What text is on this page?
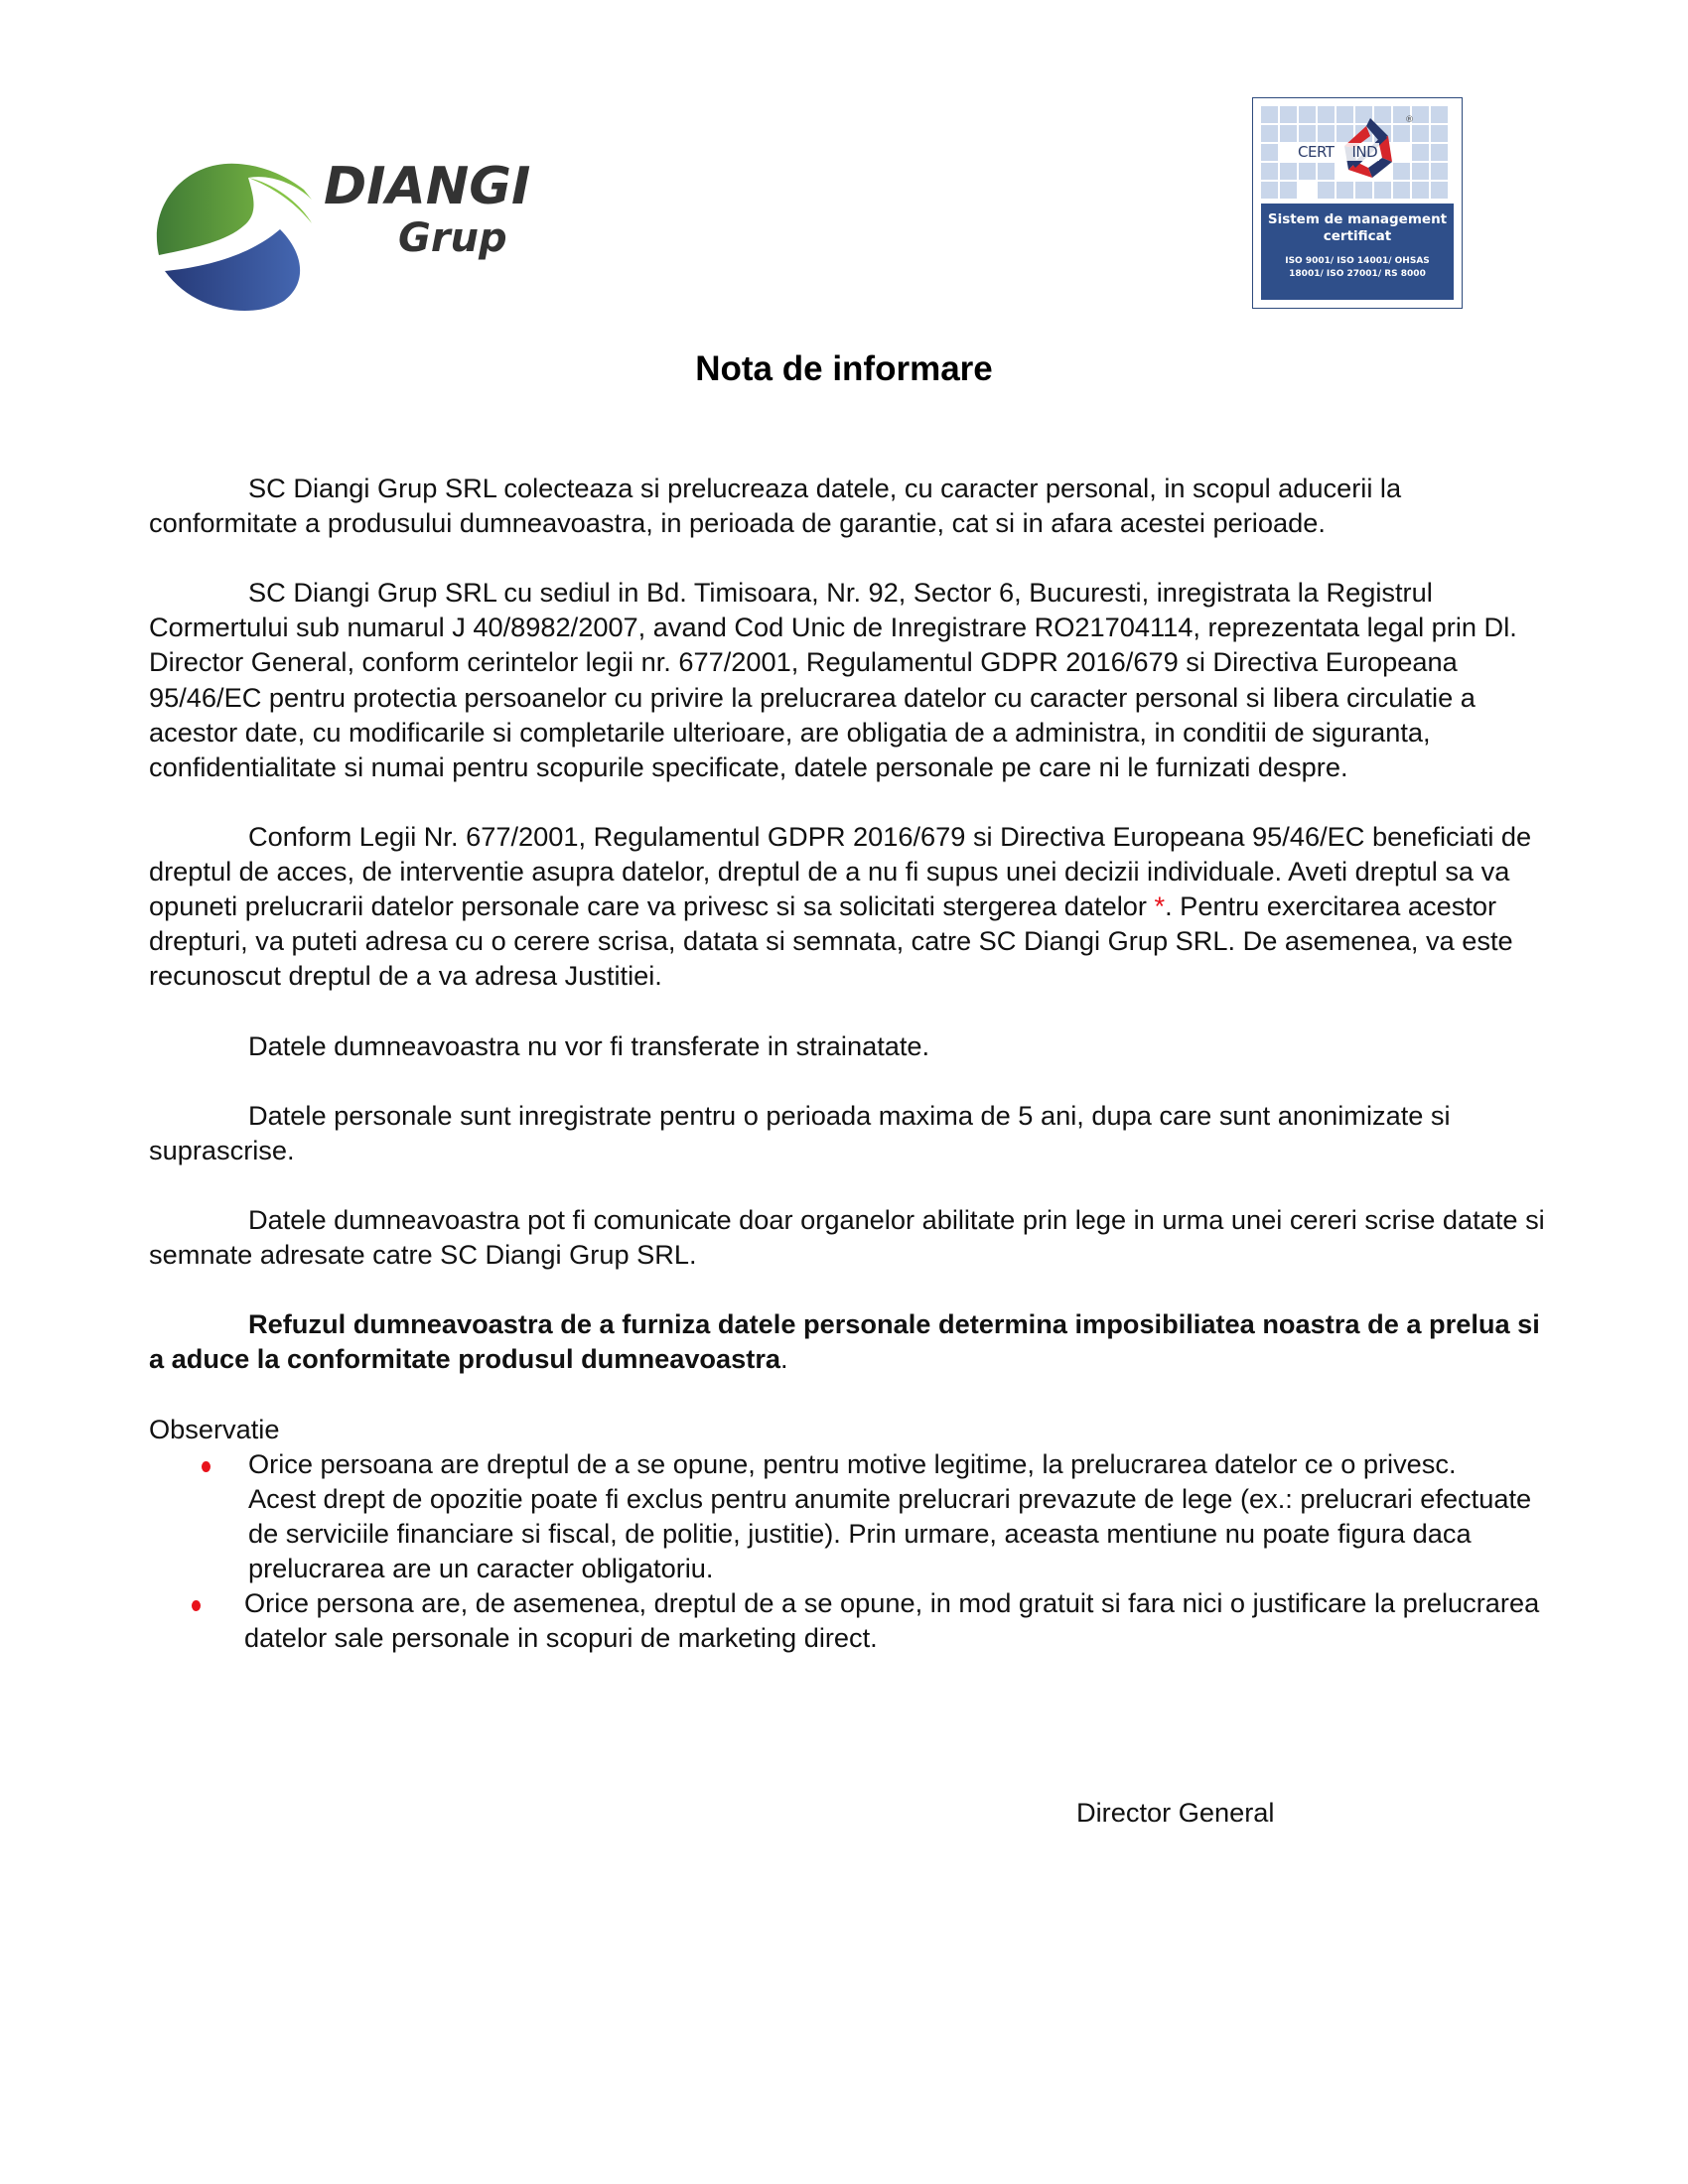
DIANGI
Grup
®
CERT IND
Sistem de management certificat
ISO 9001/ ISO 14001/ OHSAS
18001/ ISO 27001/ RS 8000
Nota de informare

SC Diangi Grup SRL colecteaza si prelucreaza datele, cu caracter personal, in scopul aducerii la conformitate a produsului dumneavoastra, in perioada de garantie, cat si in afara acestei perioade.

SC Diangi Grup SRL cu sediul in Bd. Timisoara, Nr. 92, Sector 6, Bucuresti, inregistrata la Registrul Cormertului sub numarul J 40/8982/2007, avand Cod Unic de Inregistrare RO21704114, reprezentata legal prin Dl. Director General, conform cerintelor legii nr. 677/2001, Regulamentul GDPR 2016/679 si Directiva Europeana 95/46/EC pentru protectia persoanelor cu privire la prelucrarea datelor cu caracter personal si libera circulatie a acestor date, cu modificarile si completarile ulterioare, are obligatia de a administra, in conditii de siguranta, confidentialitate si numai pentru scopurile specificate, datele personale pe care ni le furnizati despre.

Conform Legii Nr. 677/2001, Regulamentul GDPR 2016/679 si Directiva Europeana 95/46/EC beneficiati de dreptul de acces, de interventie asupra datelor, dreptul de a nu fi supus unei decizii individuale. Aveti dreptul sa va opuneti prelucrarii datelor personale care va privesc si sa solicitati stergerea datelor *. Pentru exercitarea acestor drepturi, va puteti adresa cu o cerere scrisa, datata si semnata, catre SC Diangi Grup SRL. De asemenea, va este recunoscut dreptul de a va adresa Justitiei.

Datele dumneavoastra nu vor fi transferate in strainatate.

Datele personale sunt inregistrate pentru o perioada maxima de 5 ani, dupa care sunt anonimizate si suprascrise.

Datele dumneavoastra pot fi comunicate doar organelor abilitate prin lege in urma unei cereri scrise datate si semnate adresate catre SC Diangi Grup SRL.

Refuzul dumneavoastra de a furniza datele personale determina imposibiliatea noastra de a prelua si a aduce la conformitate produsul dumneavoastra.

Observatie

Orice persoana are dreptul de a se opune, pentru motive legitime, la prelucrarea datelor ce o privesc.
Acest drept de opozitie poate fi exclus pentru anumite prelucrari prevazute de lege (ex.: prelucrari efectuate de serviciile financiare si fiscal, de politie, justitie). Prin urmare, aceasta mentiune nu poate figura daca prelucrarea are un caracter obligatoriu.
Orice persona are, de asemenea, dreptul de a se opune, in mod gratuit si fara nici o justificare la prelucrarea datelor sale personale in scopuri de marketing direct.
Director General
